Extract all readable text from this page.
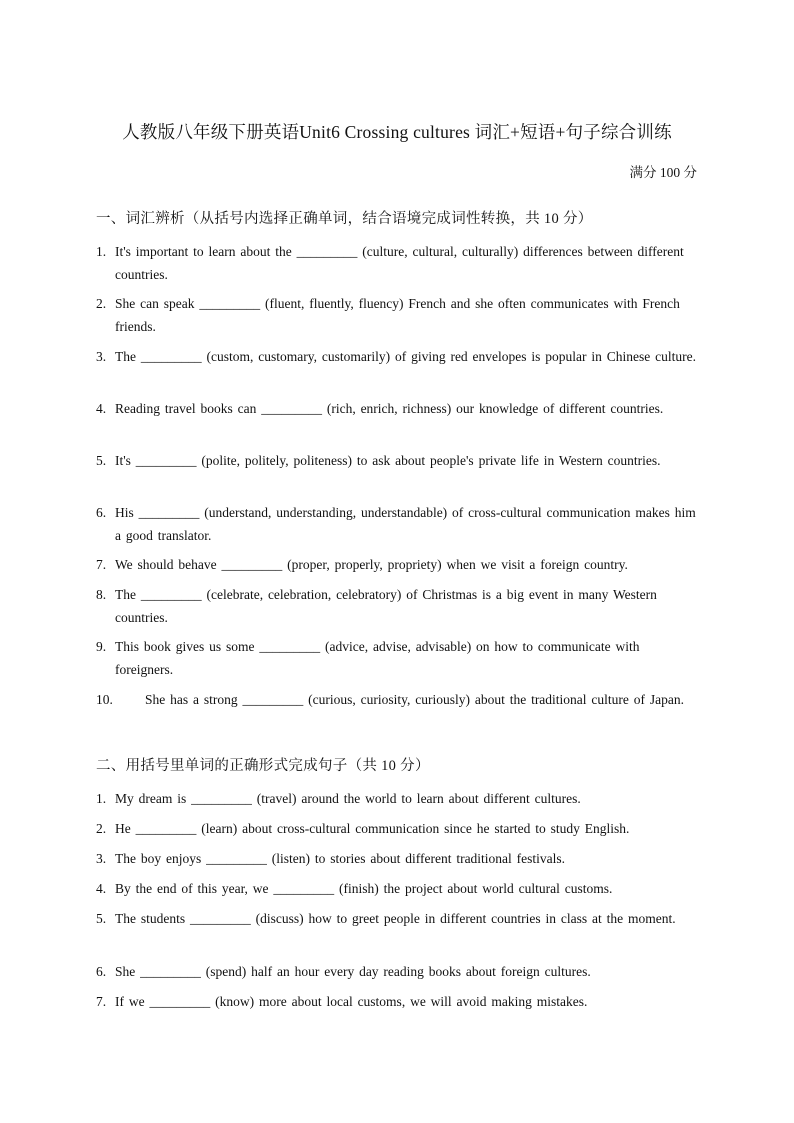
人教版八年级下册英语Unit6 Crossing cultures 词汇+短语+句子综合训练
满分 100 分
一、词汇辨析（从括号内选择正确单词，结合语境完成词性转换，共 10 分）
1. It's important to learn about the _________ (culture, cultural, culturally) differences between different countries.
2. She can speak _________ (fluent, fluently, fluency) French and she often communicates with French friends.
3. The _________ (custom, customary, customarily) of giving red envelopes is popular in Chinese culture.
4. Reading travel books can _________ (rich, enrich, richness) our knowledge of different countries.
5. It's _________ (polite, politely, politeness) to ask about people's private life in Western countries.
6. His _________ (understand, understanding, understandable) of cross-cultural communication makes him a good translator.
7. We should behave _________ (proper, properly, propriety) when we visit a foreign country.
8. The _________ (celebrate, celebration, celebratory) of Christmas is a big event in many Western countries.
9. This book gives us some _________ (advice, advise, advisable) on how to communicate with foreigners.
10.	She has a strong _________ (curious, curiosity, curiously) about the traditional culture of Japan.
二、用括号里单词的正确形式完成句子（共 10 分）
1. My dream is _________ (travel) around the world to learn about different cultures.
2. He _________ (learn) about cross-cultural communication since he started to study English.
3. The boy enjoys _________ (listen) to stories about different traditional festivals.
4. By the end of this year, we _________ (finish) the project about world cultural customs.
5. The students _________ (discuss) how to greet people in different countries in class at the moment.
6. She _________ (spend) half an hour every day reading books about foreign cultures.
7. If we _________ (know) more about local customs, we will avoid making mistakes.
